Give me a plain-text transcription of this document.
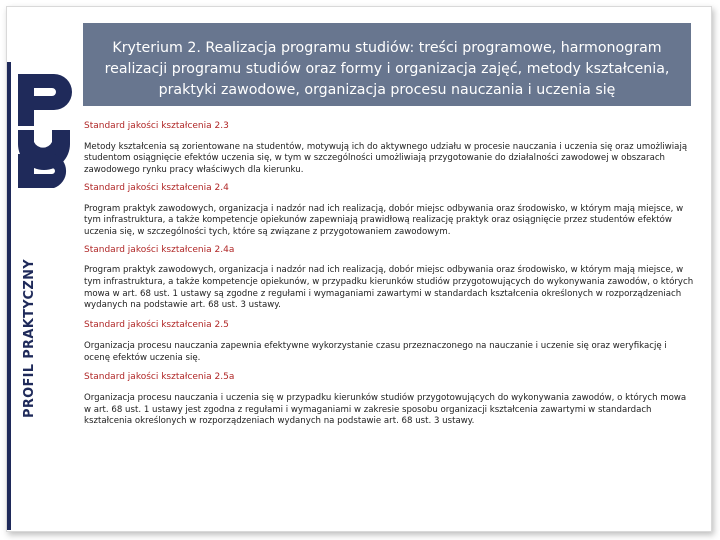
Kryterium 2. Realizacja programu studiów: treści programowe, harmonogram realizacji programu studiów oraz formy i organizacja zajęć, metody kształcenia, praktyki zawodowe, organizacja procesu nauczania i uczenia się
PROFIL PRAKTYCZNY
Standard jakości kształcenia 2.3
Metody kształcenia są zorientowane na studentów, motywują ich do aktywnego udziału w procesie nauczania i uczenia się oraz umożliwiają studentom osiągnięcie efektów uczenia się, w tym w szczególności umożliwiają przygotowanie do działalności zawodowej w obszarach zawodowego rynku pracy właściwych dla kierunku.
Standard jakości kształcenia 2.4
Program praktyk zawodowych, organizacja i nadzór nad ich realizacją, dobór miejsc odbywania oraz środowisko, w którym mają miejsce, w tym infrastruktura, a także kompetencje opiekunów zapewniają prawidłową realizację praktyk oraz osiągnięcie przez studentów efektów uczenia się, w szczególności tych, które są związane z przygotowaniem zawodowym.
Standard jakości kształcenia 2.4a
Program praktyk zawodowych, organizacja i nadzór nad ich realizacją, dobór miejsc odbywania oraz środowisko, w którym mają miejsce, w tym infrastruktura, a także kompetencje opiekunów, w przypadku kierunków studiów przygotowujących do wykonywania zawodów, o których mowa w art. 68 ust. 1 ustawy są zgodne z regułami i wymaganiami zawartymi w standardach kształcenia określonych w rozporządzeniach wydanych na podstawie art. 68 ust. 3 ustawy.
Standard jakości kształcenia 2.5
Organizacja procesu nauczania zapewnia efektywne wykorzystanie czasu przeznaczonego na nauczanie i uczenie się oraz weryfikację i ocenę efektów uczenia się.
Standard jakości kształcenia 2.5a
Organizacja procesu nauczania i uczenia się w przypadku kierunków studiów przygotowujących do wykonywania zawodów, o których mowa w art. 68 ust. 1 ustawy jest zgodna z regułami i wymaganiami w zakresie sposobu organizacji kształcenia zawartymi w standardach kształcenia określonych w rozporządzeniach wydanych na podstawie art. 68 ust. 3 ustawy.
